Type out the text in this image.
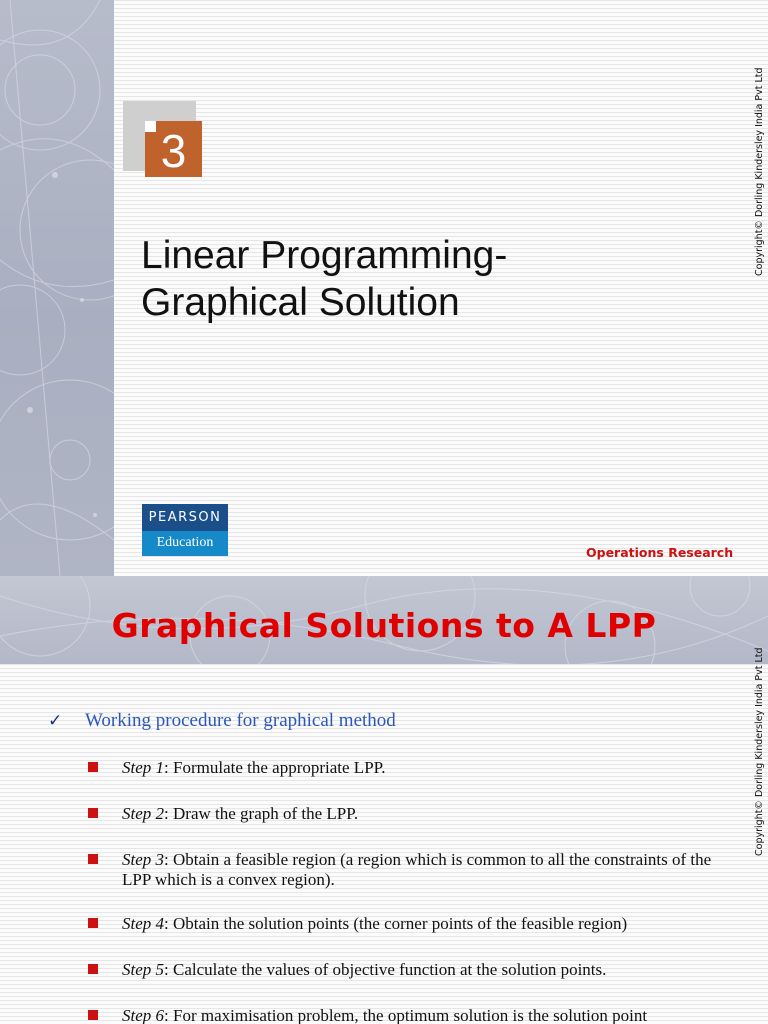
3
Linear Programming-
Graphical Solution
PEARSON
Education
Operations Research
Copyright© Dorling Kindersley India Pvt Ltd
Graphical Solutions to A LPP
✓ Working procedure for graphical method
Step 1: Formulate the appropriate LPP.
Step 2: Draw the graph of the LPP.
Step 3: Obtain a feasible region (a region which is common to all the constraints of the LPP which is a convex region).
Step 4: Obtain the solution points (the corner points of the feasible region)
Step 5: Calculate the values of objective function at the solution points.
Step 6: For maximisation problem, the optimum solution is the solution point
Copyright© Dorling Kindersley India Pvt Ltd
